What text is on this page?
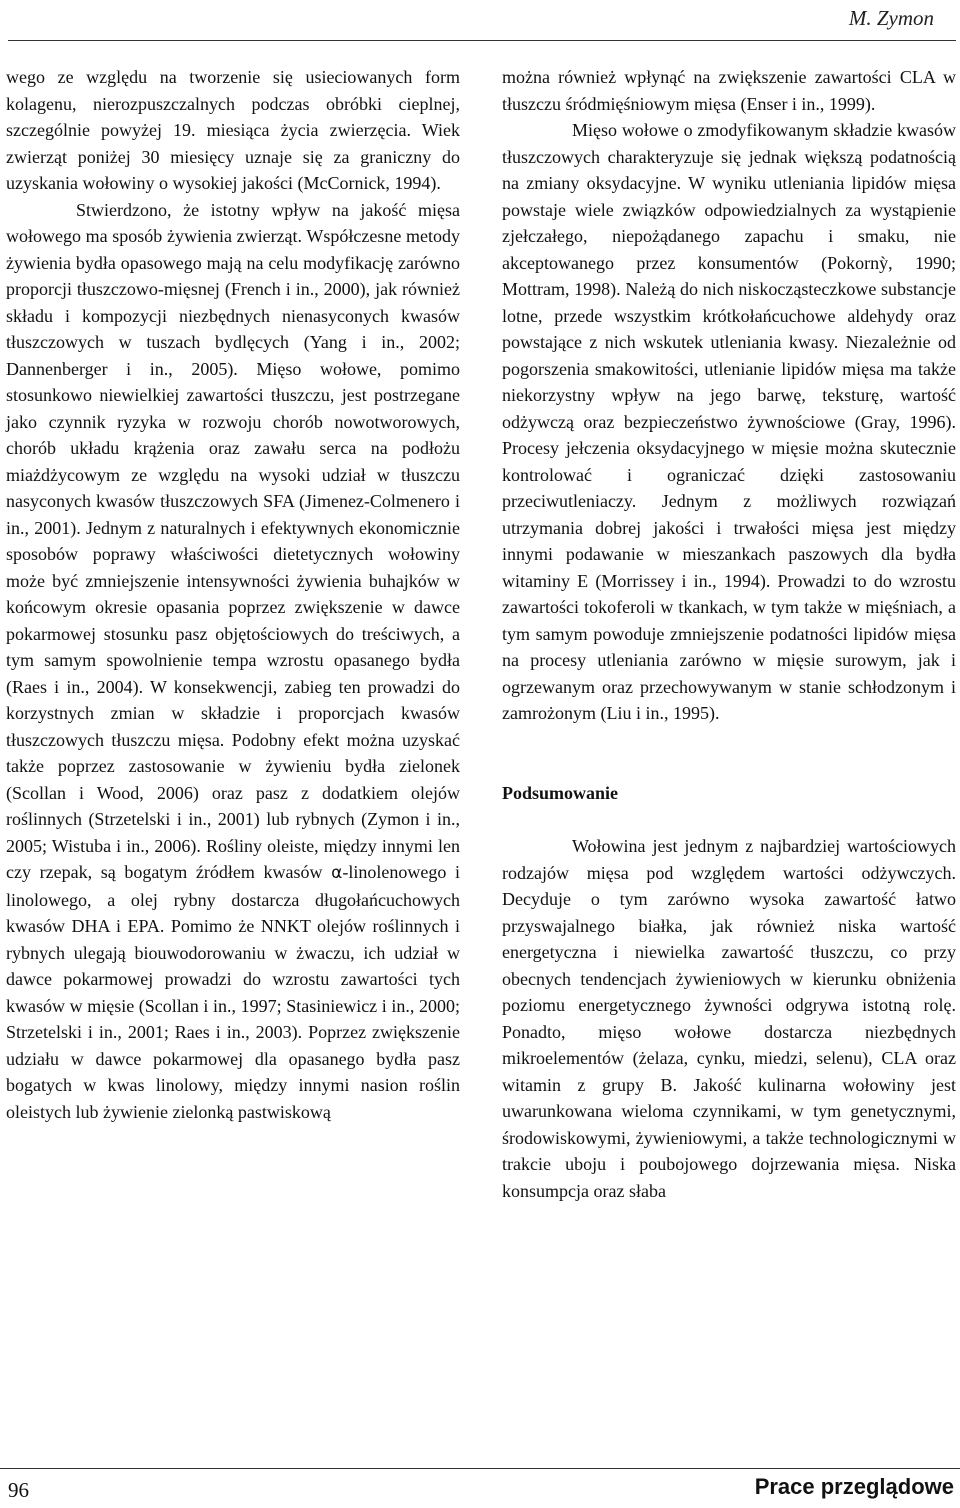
M. Zymon

wego ze względu na tworzenie się usieciowanych form kolagenu, nierozpuszczalnych podczas obróbki cieplnej, szczególnie powyżej 19. miesiąca życia zwierzęcia. Wiek zwierząt poniżej 30 miesięcy uznaje się za graniczny do uzyskania wołowiny o wysokiej jakości (McCornick, 1994).

Stwierdzono, że istotny wpływ na jakość mięsa wołowego ma sposób żywienia zwierząt. Współczesne metody żywienia bydła opasowego mają na celu modyfikację zarówno proporcji tłuszczowo-mięsnej (French i in., 2000), jak również składu i kompozycji niezbędnych nienasyconych kwasów tłuszczowych w tuszach bydlęcych (Yang i in., 2002; Dannenberger i in., 2005). Mięso wołowe, pomimo stosunkowo niewielkiej zawartości tłuszczu, jest postrzegane jako czynnik ryzyka w rozwoju chorób nowotworowych, chorób układu krążenia oraz zawału serca na podłożu miażdżycowym ze względu na wysoki udział w tłuszczu nasyconych kwasów tłuszczowych SFA (Jimenez-Colmenero i in., 2001). Jednym z naturalnych i efektywnych ekonomicznie sposobów poprawy właściwości dietetycznych wołowiny może być zmniejszenie intensywności żywienia buhajków w końcowym okresie opasania poprzez zwiększenie w dawce pokarmowej stosunku pasz objętościowych do treściwych, a tym samym spowolnienie tempa wzrostu opasanego bydła (Raes i in., 2004). W konsekwencji, zabieg ten prowadzi do korzystnych zmian w składzie i proporcjach kwasów tłuszczowych tłuszczu mięsa. Podobny efekt można uzyskać także poprzez zastosowanie w żywieniu bydła zielonek (Scollan i Wood, 2006) oraz pasz z dodatkiem olejów roślinnych (Strzetelski i in., 2001) lub rybnych (Zymon i in., 2005; Wistuba i in., 2006). Rośliny oleiste, między innymi len czy rzepak, są bogatym źródłem kwasów α-linolenowego i linolowego, a olej rybny dostarcza długołańcuchowych kwasów DHA i EPA. Pomimo że NNKT olejów roślinnych i rybnych ulegają biouwodorowaniu w żwaczu, ich udział w dawce pokarmowej prowadzi do wzrostu zawartości tych kwasów w mięsie (Scollan i in., 1997; Stasiniewicz i in., 2000; Strzetelski i in., 2001; Raes i in., 2003). Poprzez zwiększenie udziału w dawce pokarmowej dla opasanego bydła pasz bogatych w kwas linolowy, między innymi nasion roślin oleistych lub żywienie zielonką pastwiskową

można również wpłynąć na zwiększenie zawartości CLA w tłuszczu śródmięśniowym mięsa (Enser i in., 1999).

Mięso wołowe o zmodyfikowanym składzie kwasów tłuszczowych charakteryzuje się jednak większą podatnością na zmiany oksydacyjne. W wyniku utleniania lipidów mięsa powstaje wiele związków odpowiedzialnych za wystąpienie zjełczałego, niepożądanego zapachu i smaku, nie akceptowanego przez konsumentów (Pokornỳ, 1990; Mottram, 1998). Należą do nich niskocząsteczkowe substancje lotne, przede wszystkim krótkołańcuchowe aldehydy oraz powstające z nich wskutek utleniania kwasy. Niezależnie od pogorszenia smakowitości, utlenianie lipidów mięsa ma także niekorzystny wpływ na jego barwę, teksturę, wartość odżywczą oraz bezpieczeństwo żywnościowe (Gray, 1996). Procesy jełczenia oksydacyjnego w mięsie można skutecznie kontrolować i ograniczać dzięki zastosowaniu przeciwutleniaczy. Jednym z możliwych rozwiązań utrzymania dobrej jakości i trwałości mięsa jest między innymi podawanie w mieszankach paszowych dla bydła witaminy E (Morrissey i in., 1994). Prowadzi to do wzrostu zawartości tokoferoli w tkankach, w tym także w mięśniach, a tym samym powoduje zmniejszenie podatności lipidów mięsa na procesy utleniania zarówno w mięsie surowym, jak i ogrzewanym oraz przechowywanym w stanie schłodzonym i zamrożonym (Liu i in., 1995).

Podsumowanie

Wołowina jest jednym z najbardziej wartościowych rodzajów mięsa pod względem wartości odżywczych. Decyduje o tym zarówno wysoka zawartość łatwo przyswajalnego białka, jak również niska wartość energetyczna i niewielka zawartość tłuszczu, co przy obecnych tendencjach żywieniowych w kierunku obniżenia poziomu energetycznego żywności odgrywa istotną rolę. Ponadto, mięso wołowe dostarcza niezbędnych mikroelementów (żelaza, cynku, miedzi, selenu), CLA oraz witamin z grupy B. Jakość kulinarna wołowiny jest uwarunkowana wieloma czynnikami, w tym genetycznymi, środowiskowymi, żywieniowymi, a także technologicznymi w trakcie uboju i poubojowego dojrzewania mięsa. Niska konsumpcja oraz słaba

96	Prace przeglądowe
